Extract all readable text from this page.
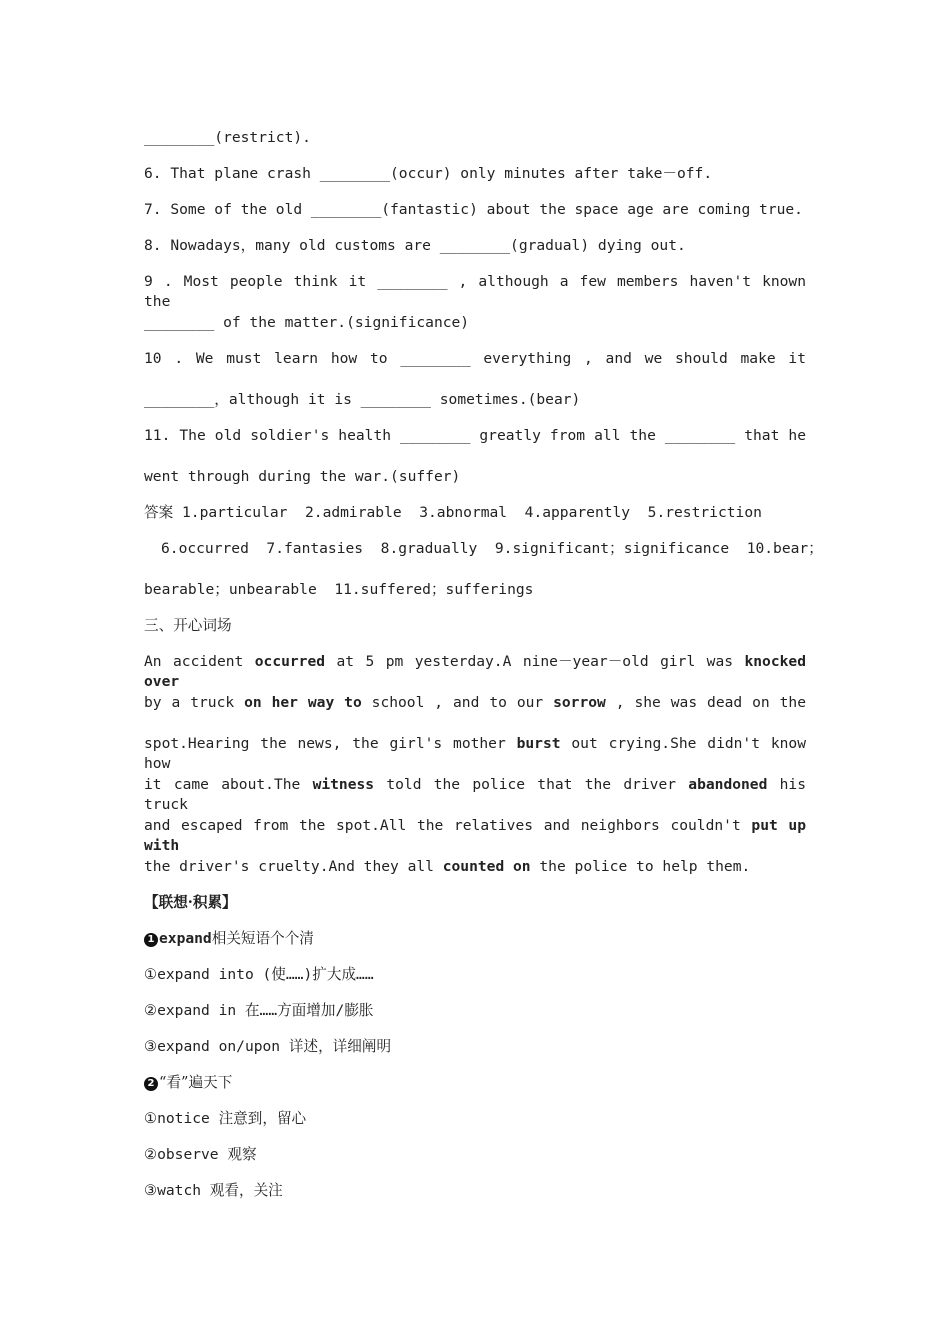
________(restrict).
6. That plane crash ________(occur) only minutes after take－off.
7. Some of the old ________(fantastic) about the space age are coming true.
8. Nowadays，many old customs are ________(gradual) dying out.
9 . Most people think it ________ , although a few members haven't known the
________ of the matter.(significance)
10 . We must learn how to ________ everything , and we should make it
________，although it is ________ sometimes.(bear)
11. The old soldier's health ________ greatly from all the ________ that he
went through during the war.(suffer)
答案 1.particular  2.admirable  3.abnormal  4.apparently  5.restriction
6.occurred  7.fantasies  8.gradually  9.significant；significance  10.bear；
bearable；unbearable  11.suffered；sufferings
三、开心词场
An accident occurred at 5 pm yesterday.A nine－year－old girl was knocked over
by a truck on her way to school , and to our sorrow , she was dead on the
spot.Hearing the news, the girl's mother burst out crying.She didn't know how
it came about.The witness told the police that the driver abandoned his truck
and escaped from the spot.All the relatives and neighbors couldn't put up with
the driver's cruelty.And they all counted on the police to help them.
【联想·积累】
1 expand相关短语个个清
①expand into (使……)扩大成……
②expand in 在……方面增加/膨胀
③expand on/upon 详述，详细阐明
2 “看”遍天下
①notice 注意到，留心
②observe 观察
③watch 观看，关注
